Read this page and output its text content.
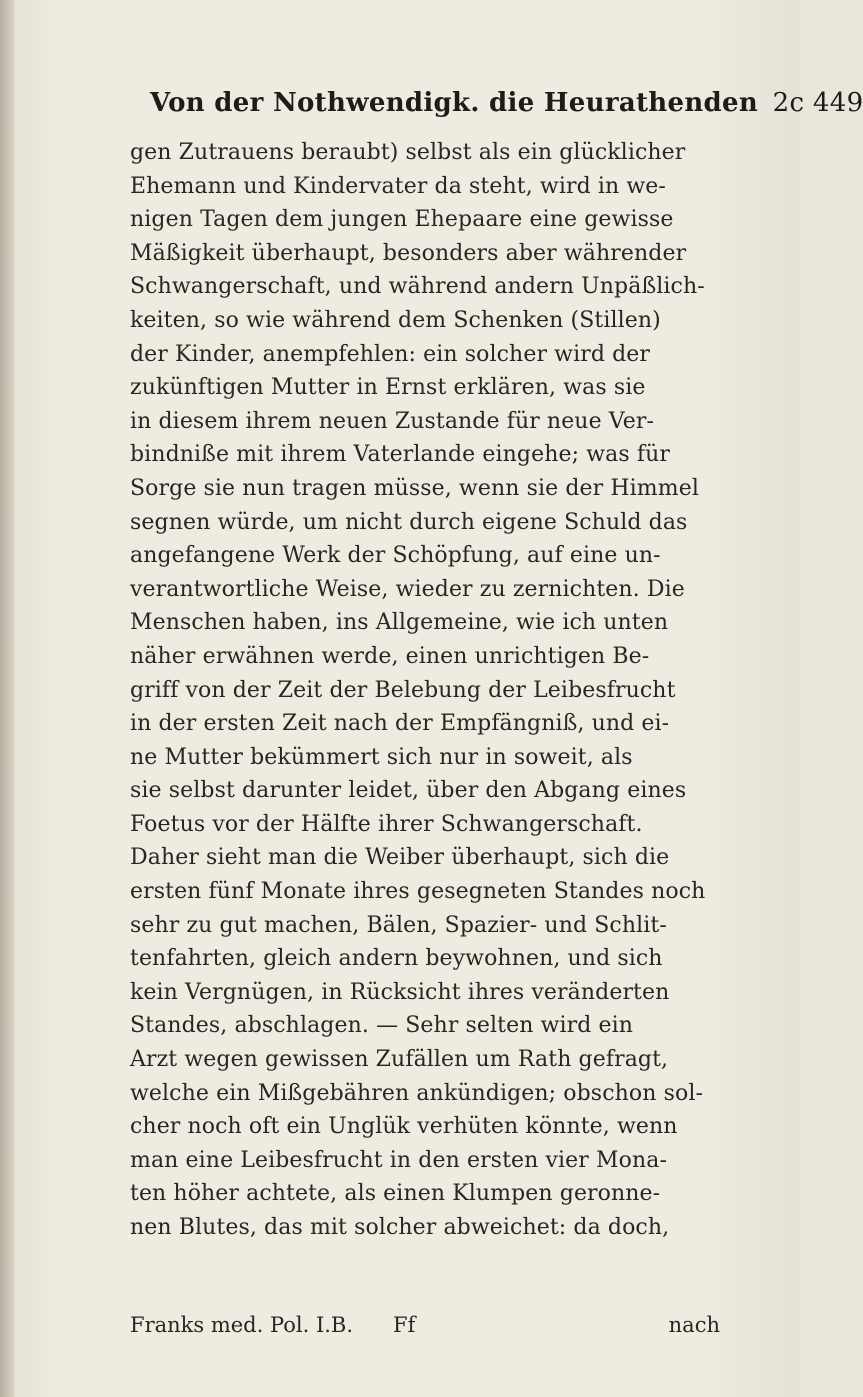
Von der Nothwendigk. die Heurathenden 2c 449
gen Zutrauens beraubt) selbst als ein glücklicher
Ehemann und Kindervater da steht, wird in we-
nigen Tagen dem jungen Ehepaare eine gewisse
Mäßigkeit überhaupt, besonders aber währender
Schwangerschaft, und während andern Unpäßlich-
keiten, so wie während dem Schenken (Stillen)
der Kinder, anempfehlen: ein solcher wird der
zukünftigen Mutter in Ernst erklären, was sie
in diesem ihrem neuen Zustande für neue Ver-
bindniße mit ihrem Vaterlande eingehe; was für
Sorge sie nun tragen müsse, wenn sie der Himmel
segnen würde, um nicht durch eigene Schuld das
angefangene Werk der Schöpfung, auf eine un-
verantwortliche Weise, wieder zu zernichten. Die
Menschen haben, ins Allgemeine, wie ich unten
näher erwähnen werde, einen unrichtigen Be-
griff von der Zeit der Belebung der Leibesfrucht
in der ersten Zeit nach der Empfängniß, und ei-
ne Mutter bekümmert sich nur in soweit, als
sie selbst darunter leidet, über den Abgang eines
Foetus vor der Hälfte ihrer Schwangerschaft.
Daher sieht man die Weiber überhaupt, sich die
ersten fünf Monate ihres gesegneten Standes noch
sehr zu gut machen, Bälen, Spazier- und Schlit-
tenfahrten, gleich andern beywohnen, und sich
kein Vergnügen, in Rücksicht ihres veränderten
Standes, abschlagen. — Sehr selten wird ein
Arzt wegen gewissen Zufällen um Rath gefragt,
welche ein Mißgebähren ankündigen; obschon sol-
cher noch oft ein Unglük verhüten könnte, wenn
man eine Leibesfrucht in den ersten vier Mona-
ten höher achtete, als einen Klumpen geronne-
nen Blutes, das mit solcher abweichet: da doch,
Franks med. Pol. I.B. Ff	nach
